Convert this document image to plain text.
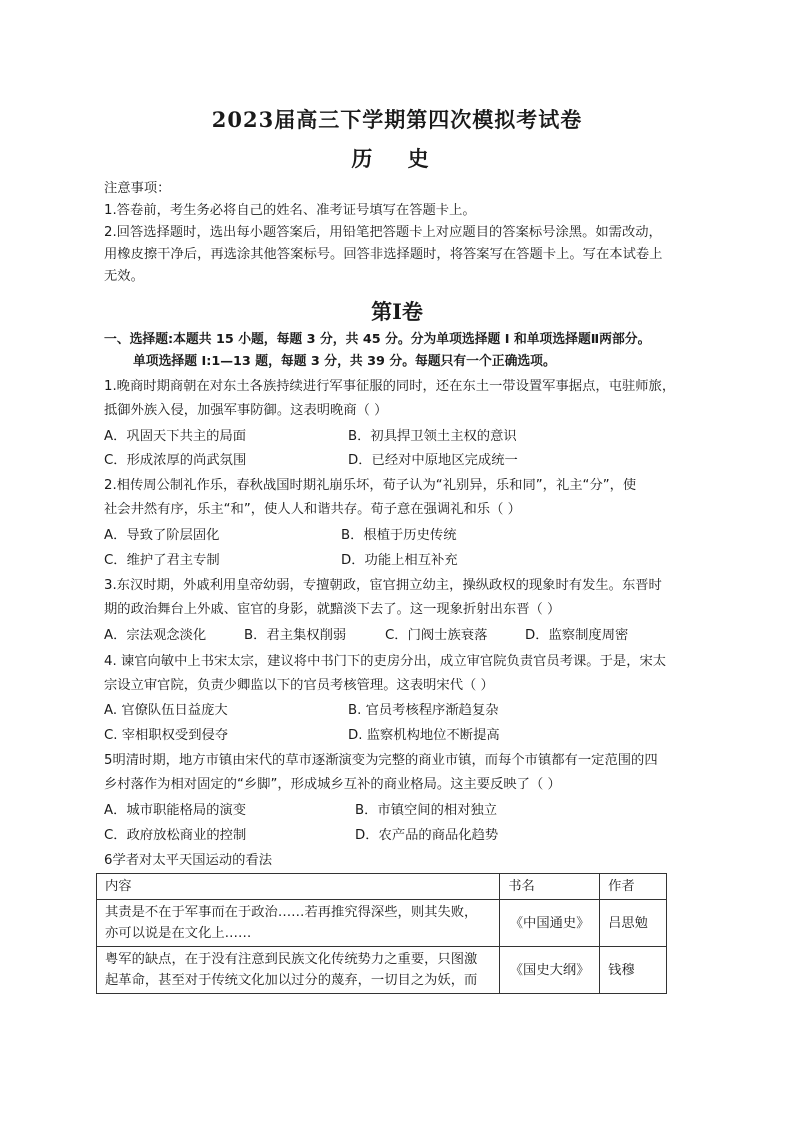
2023届高三下学期第四次模拟考试卷
历 史
注意事项：
1.答卷前，考生务必将自己的姓名、准考证号填写在答题卡上。
2.回答选择题时，选出每小题答案后，用铅笔把答题卡上对应题目的答案标号涂黑。如需改动，
用橡皮擦干净后，再选涂其他答案标号。回答非选择题时，将答案写在答题卡上。写在本试卷上
无效。
第Ⅰ卷
一、选择题:本题共 15 小题，每题 3 分，共 45 分。分为单项选择题 I 和单项选择题Ⅱ两部分。
单项选择题 I:1—13 题，每题 3 分，共 39 分。每题只有一个正确选项。
1.晚商时期商朝在对东土各族持续进行军事征服的同时，还在东土一带设置军事据点，屯驻师旅，
抵御外族入侵，加强军事防御。这表明晚商（ ）
A．巩固天下共主的局面	B．初具捍卫领土主权的意识
C．形成浓厚的尚武氛围	D．已经对中原地区完成统一
2.相传周公制礼作乐，春秋战国时期礼崩乐坏，荀子认为“礼别异，乐和同”，礼主“分”，使
社会井然有序，乐主“和”，使人人和谐共存。荀子意在强调礼和乐（ ）
A．导致了阶层固化	B．根植于历史传统
C．维护了君主专制	D．功能上相互补充
3.东汉时期，外戚利用皇帝幼弱，专擅朝政，宦官拥立幼主，操纵政权的现象时有发生。东晋时
期的政治舞台上外戚、宦官的身影，就黯淡下去了。这一现象折射出东晋（ ）
A．宗法观念淡化	B．君主集权削弱	C．门阀士族衰落	D．监察制度周密
4. 谏官向敏中上书宋太宗，建议将中书门下的吏房分出，成立审官院负责官员考课。于是，宋太
宗设立审官院，负责少卿监以下的官员考核管理。这表明宋代（ ）
A. 官僚队伍日益庞大	B. 官员考核程序渐趋复杂
C. 宰相职权受到侵夺	D. 监察机构地位不断提高
5明清时期，地方市镇由宋代的草市逐渐演变为完整的商业市镇，而每个市镇都有一定范围的四
乡村落作为相对固定的“乡脚”，形成城乡互补的商业格局。这主要反映了（ ）
A．城市职能格局的演变	B．市镇空间的相对独立
C．政府放松商业的控制	D．农产品的商品化趋势
6学者对太平天国运动的看法
内容	书名	作者

其责是不在于军事而在于政治……若再推究得深些，则其失败，
亦可以说是在文化上……	《中国通史》	吕思勉

粤军的缺点，在于没有注意到民族文化传统势力之重要，只图激
起革命，甚至对于传统文化加以过分的蔑弃，一切目之为妖，而	《国史大纲》	钱穆
